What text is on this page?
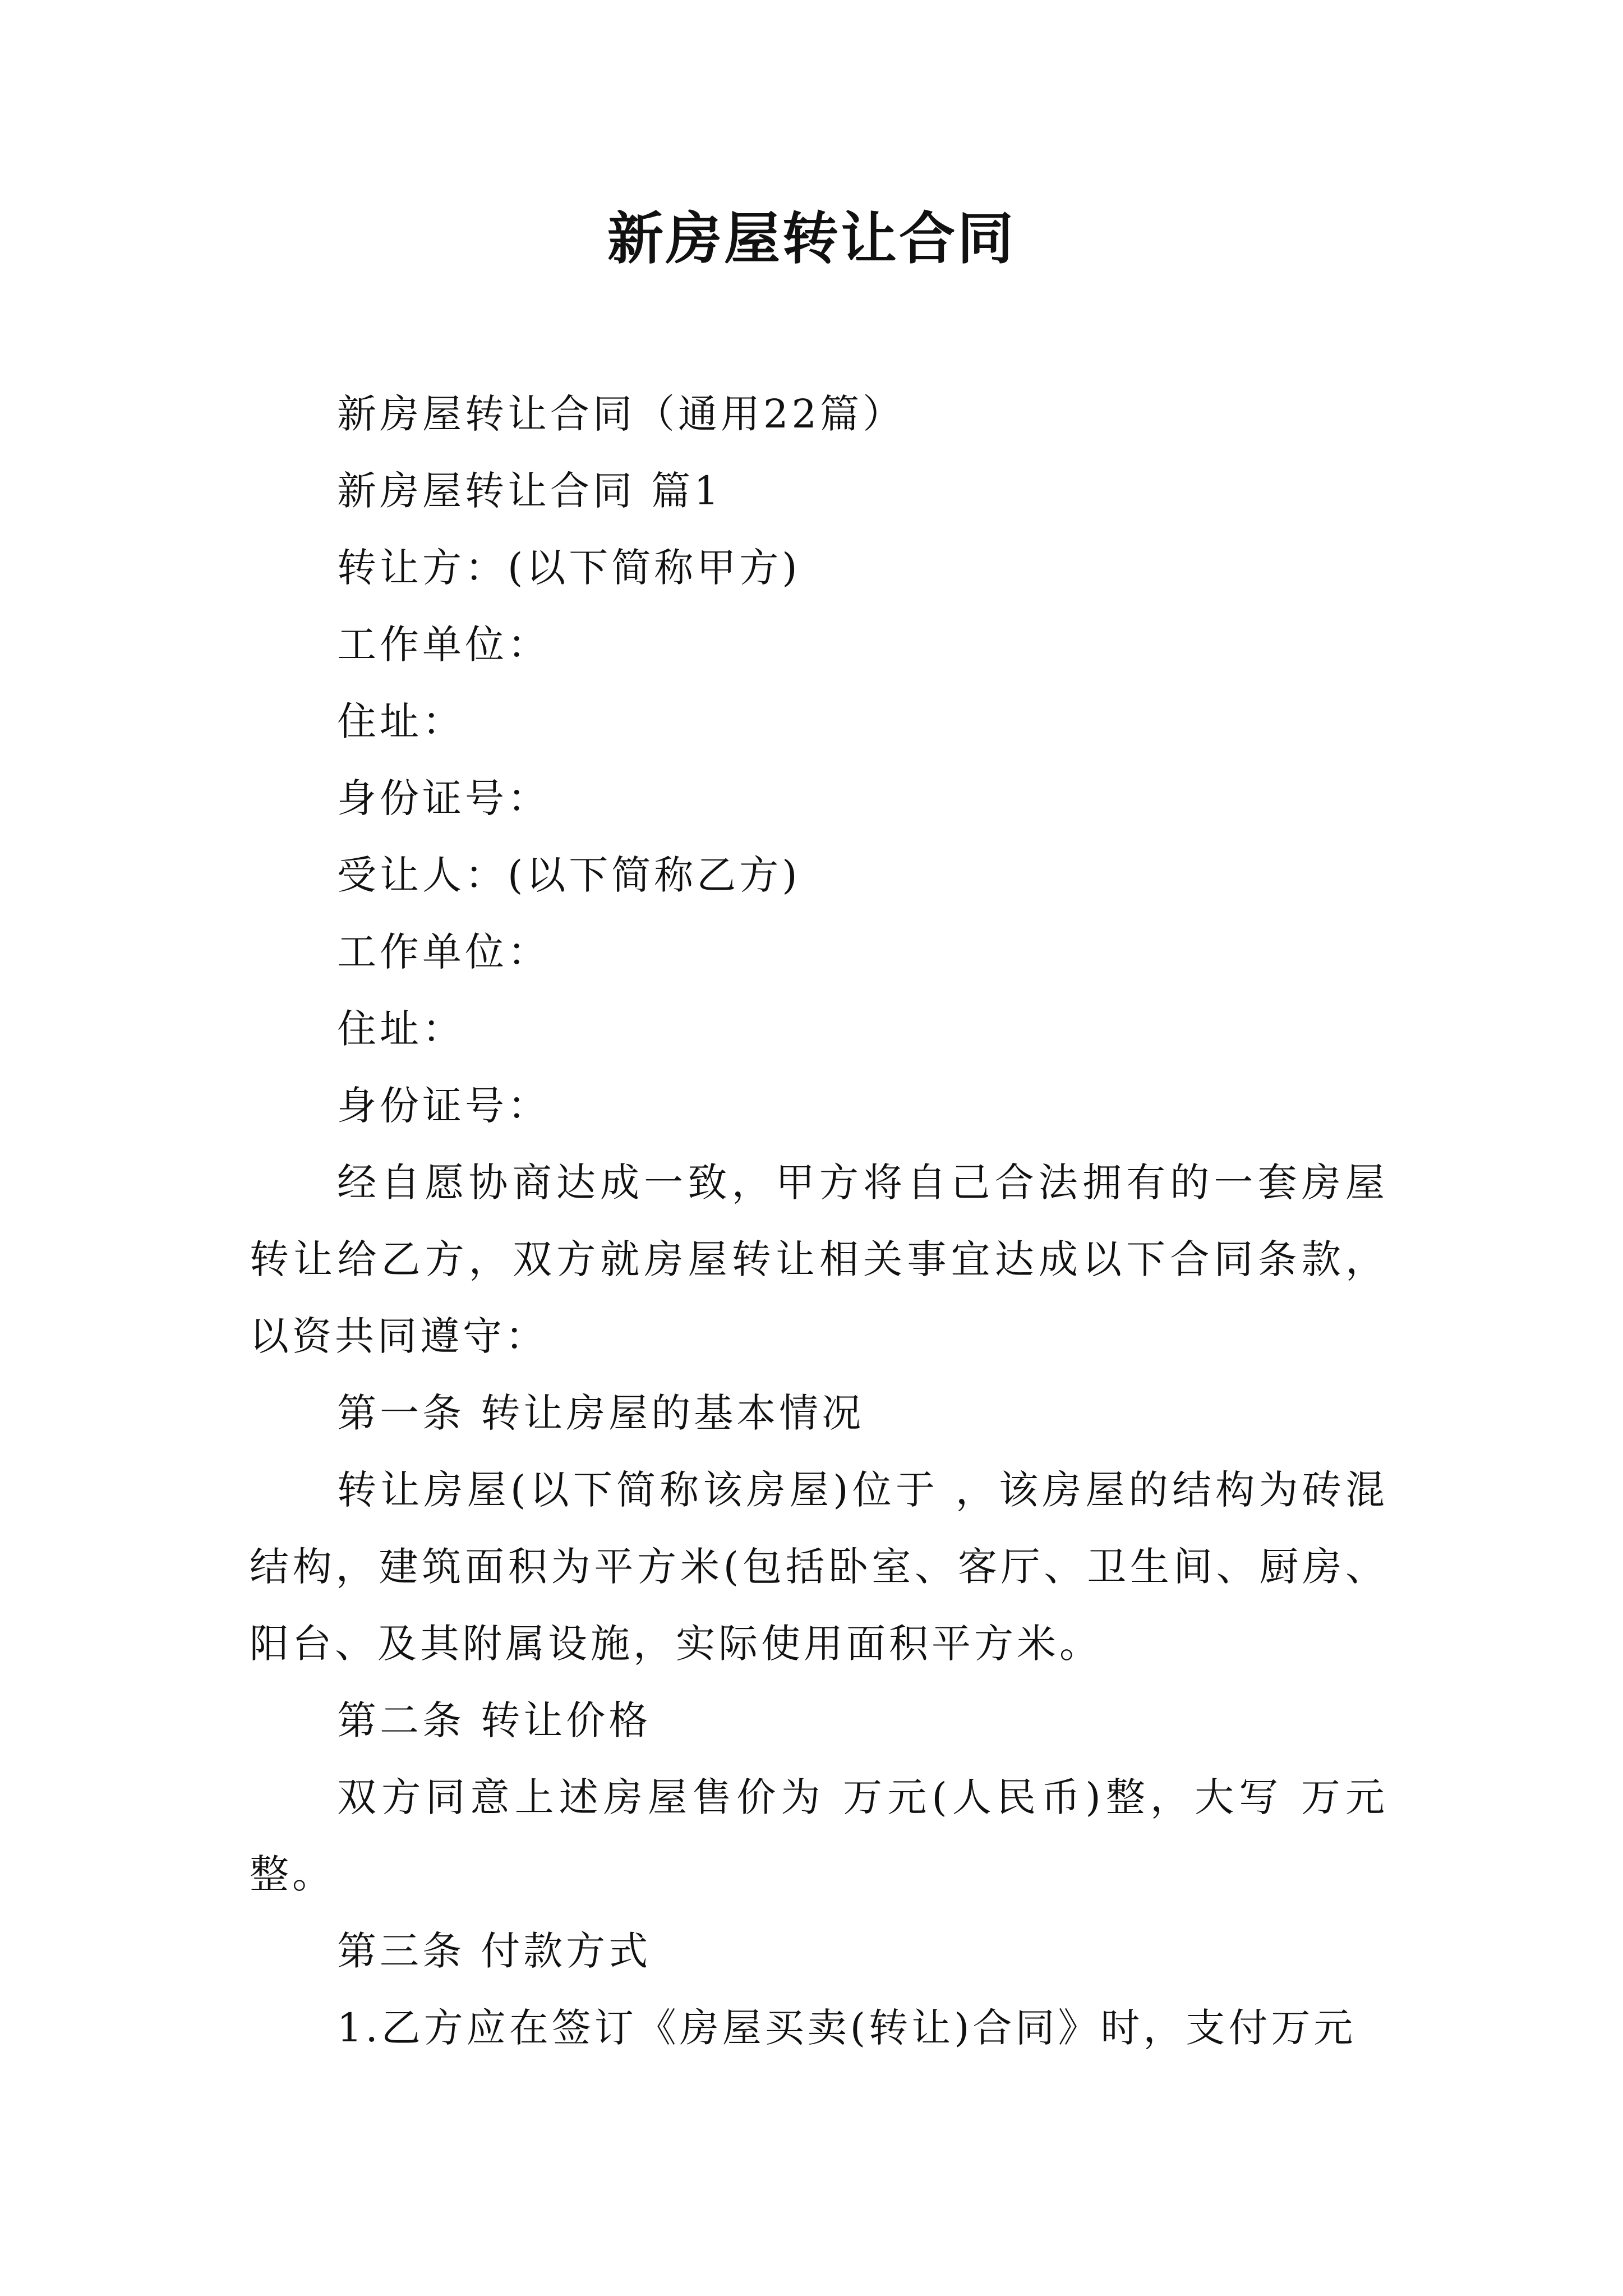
新房屋转让合同
新房屋转让合同（通用22篇）
新房屋转让合同 篇1
转让方：(以下简称甲方)
工作单位：
住址：
身份证号：
受让人：(以下简称乙方)
工作单位：
住址：
身份证号：
经自愿协商达成一致，甲方将自己合法拥有的一套房屋转让给乙方，双方就房屋转让相关事宜达成以下合同条款，以资共同遵守：
第一条 转让房屋的基本情况
转让房屋(以下简称该房屋)位于 ，该房屋的结构为砖混结构，建筑面积为平方米(包括卧室、客厅、卫生间、厨房、阳台、及其附属设施，实际使用面积平方米。
第二条 转让价格
双方同意上述房屋售价为 万元(人民币)整，大写 万元整。
第三条 付款方式
1.乙方应在签订《房屋买卖(转让)合同》时，支付万元
